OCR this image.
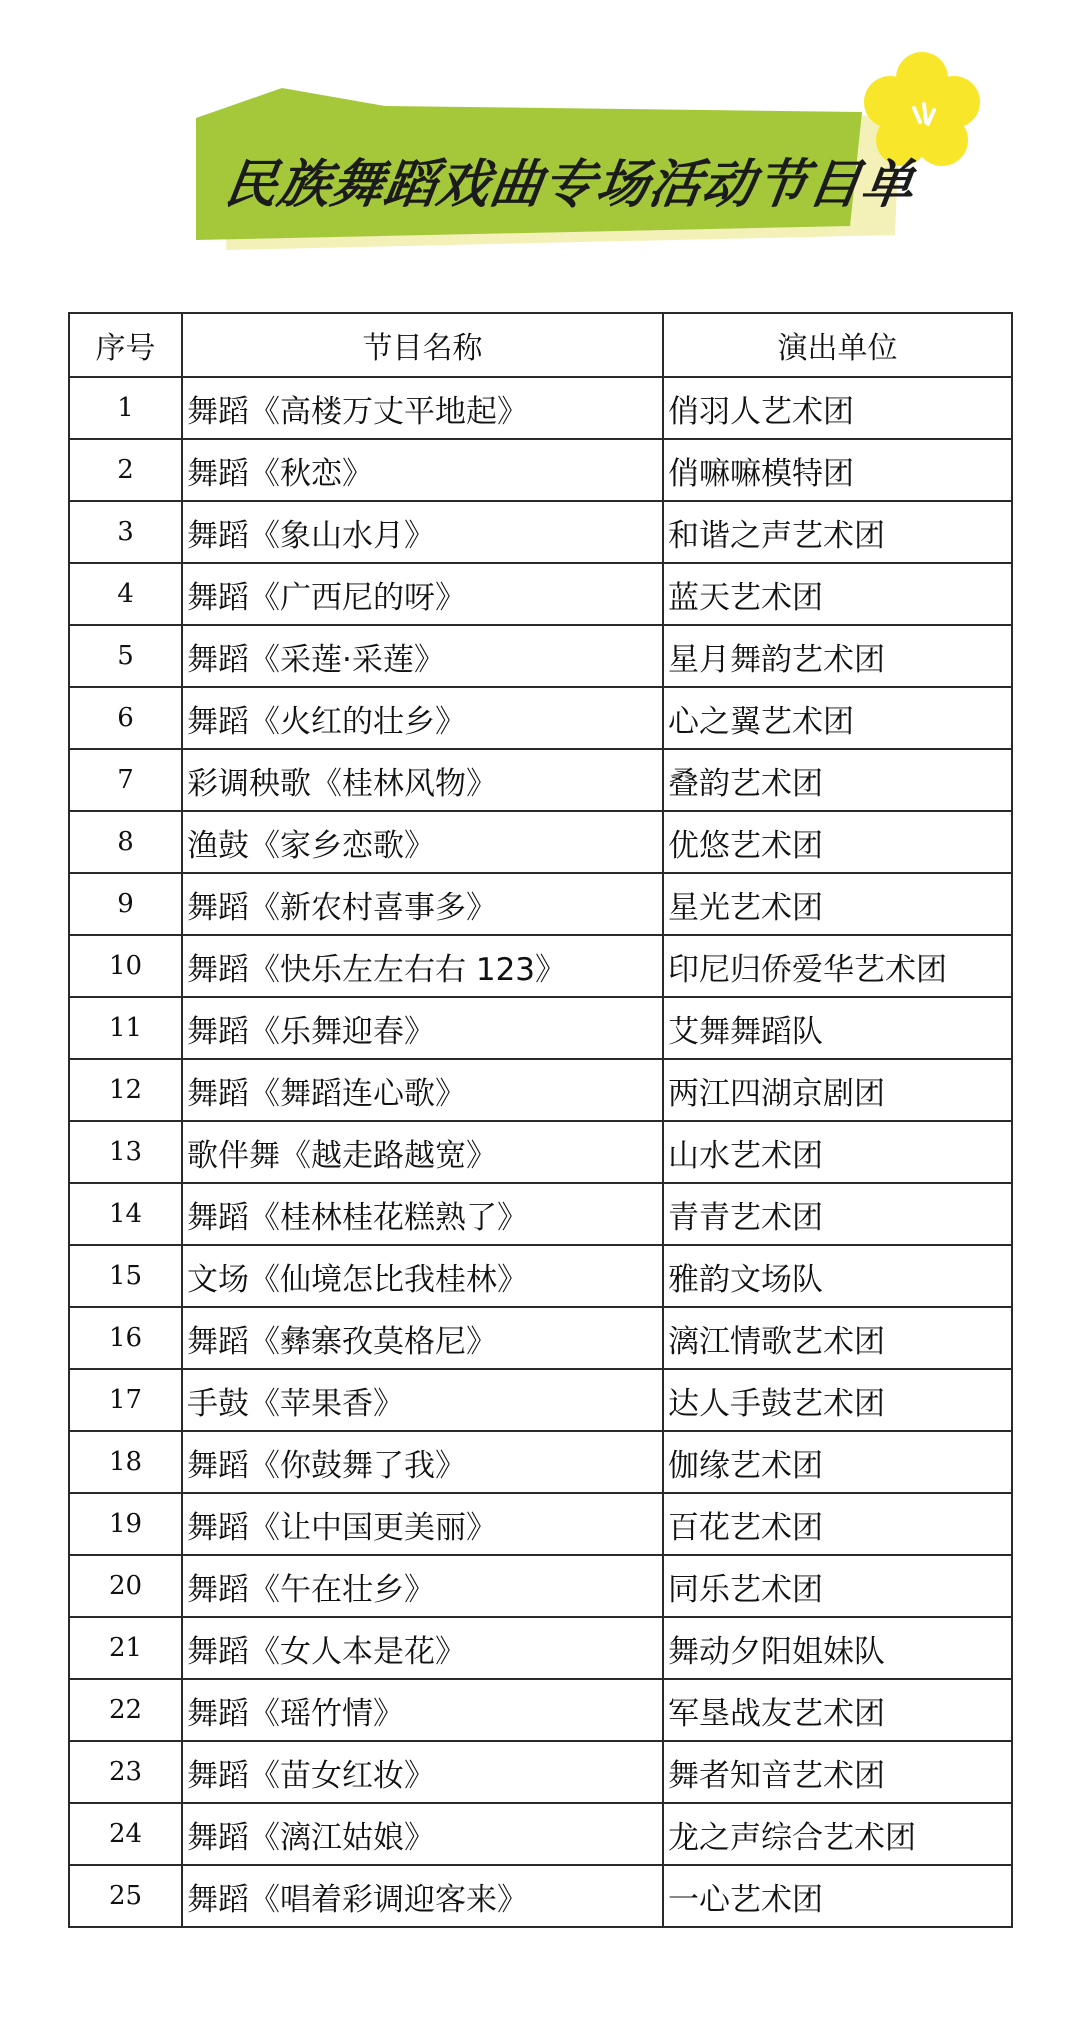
民族舞蹈戏曲专场活动节目单
序号	节目名称	演出单位
1	舞蹈《高楼万丈平地起》	俏羽人艺术团
2	舞蹈《秋恋》	俏嘛嘛模特团
3	舞蹈《象山水月》	和谐之声艺术团
4	舞蹈《广西尼的呀》	蓝天艺术团
5	舞蹈《采莲·采莲》	星月舞韵艺术团
6	舞蹈《火红的壮乡》	心之翼艺术团
7	彩调秧歌《桂林风物》	叠韵艺术团
8	渔鼓《家乡恋歌》	优悠艺术团
9	舞蹈《新农村喜事多》	星光艺术团
10	舞蹈《快乐左左右右 123》	印尼归侨爱华艺术团
11	舞蹈《乐舞迎春》	艾舞舞蹈队
12	舞蹈《舞蹈连心歌》	两江四湖京剧团
13	歌伴舞《越走路越宽》	山水艺术团
14	舞蹈《桂林桂花糕熟了》	青青艺术团
15	文场《仙境怎比我桂林》	雅韵文场队
16	舞蹈《彝寨孜莫格尼》	漓江情歌艺术团
17	手鼓《苹果香》	达人手鼓艺术团
18	舞蹈《你鼓舞了我》	伽缘艺术团
19	舞蹈《让中国更美丽》	百花艺术团
20	舞蹈《午在壮乡》	同乐艺术团
21	舞蹈《女人本是花》	舞动夕阳姐妹队
22	舞蹈《瑶竹情》	军垦战友艺术团
23	舞蹈《苗女红妆》	舞者知音艺术团
24	舞蹈《漓江姑娘》	龙之声综合艺术团
25	舞蹈《唱着彩调迎客来》	一心艺术团
